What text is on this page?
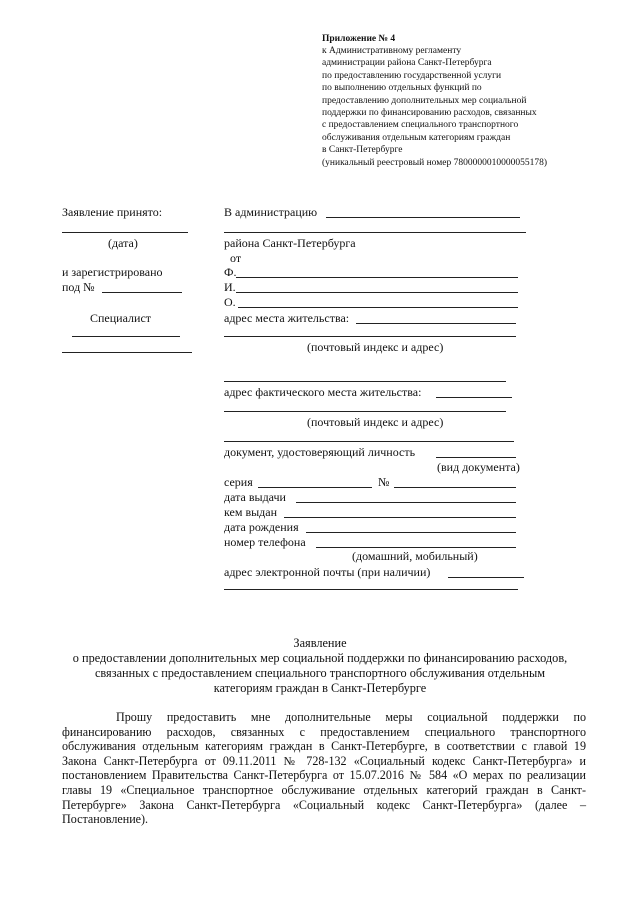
Приложение № 4
к Административному регламенту
администрации района Санкт-Петербурга
по предоставлению государственной услуги
по выполнению отдельных функций по
предоставлению дополнительных мер социальной
поддержки по финансированию расходов, связанных
с предоставлением специального транспортного
обслуживания отдельным категориям граждан
в Санкт-Петербурге
(уникальный реестровый номер 7800000010000055178)
Заявление принято:
(дата)
и зарегистрировано
под №
Специалист
В администрацию
района Санкт-Петербурга
от
Ф.
И.
О.
адрес места жительства:
(почтовый индекс и адрес)
адрес фактического места жительства:
(почтовый индекс и адрес)
документ, удостоверяющий личность
(вид документа)
серия	№
дата выдачи
кем выдан
дата рождения
номер телефона
(домашний, мобильный)
адрес электронной почты (при наличии)
Заявление
о предоставлении дополнительных мер социальной поддержки по финансированию расходов,
связанных с предоставлением специального транспортного обслуживания отдельным
категориям граждан в Санкт-Петербурге
Прошу предоставить мне дополнительные меры социальной поддержки по финансированию расходов, связанных с предоставлением специального транспортного обслуживания отдельным категориям граждан в Санкт-Петербурге, в соответствии с главой 19 Закона Санкт-Петербурга от 09.11.2011 № 728-132 «Социальный кодекс Санкт-Петербурга» и постановлением Правительства Санкт-Петербурга от 15.07.2016 № 584 «О мерах по реализации главы 19 «Специальное транспортное обслуживание отдельных категорий граждан в Санкт-Петербурге» Закона Санкт-Петербурга «Социальный кодекс Санкт-Петербурга» (далее – Постановление).
